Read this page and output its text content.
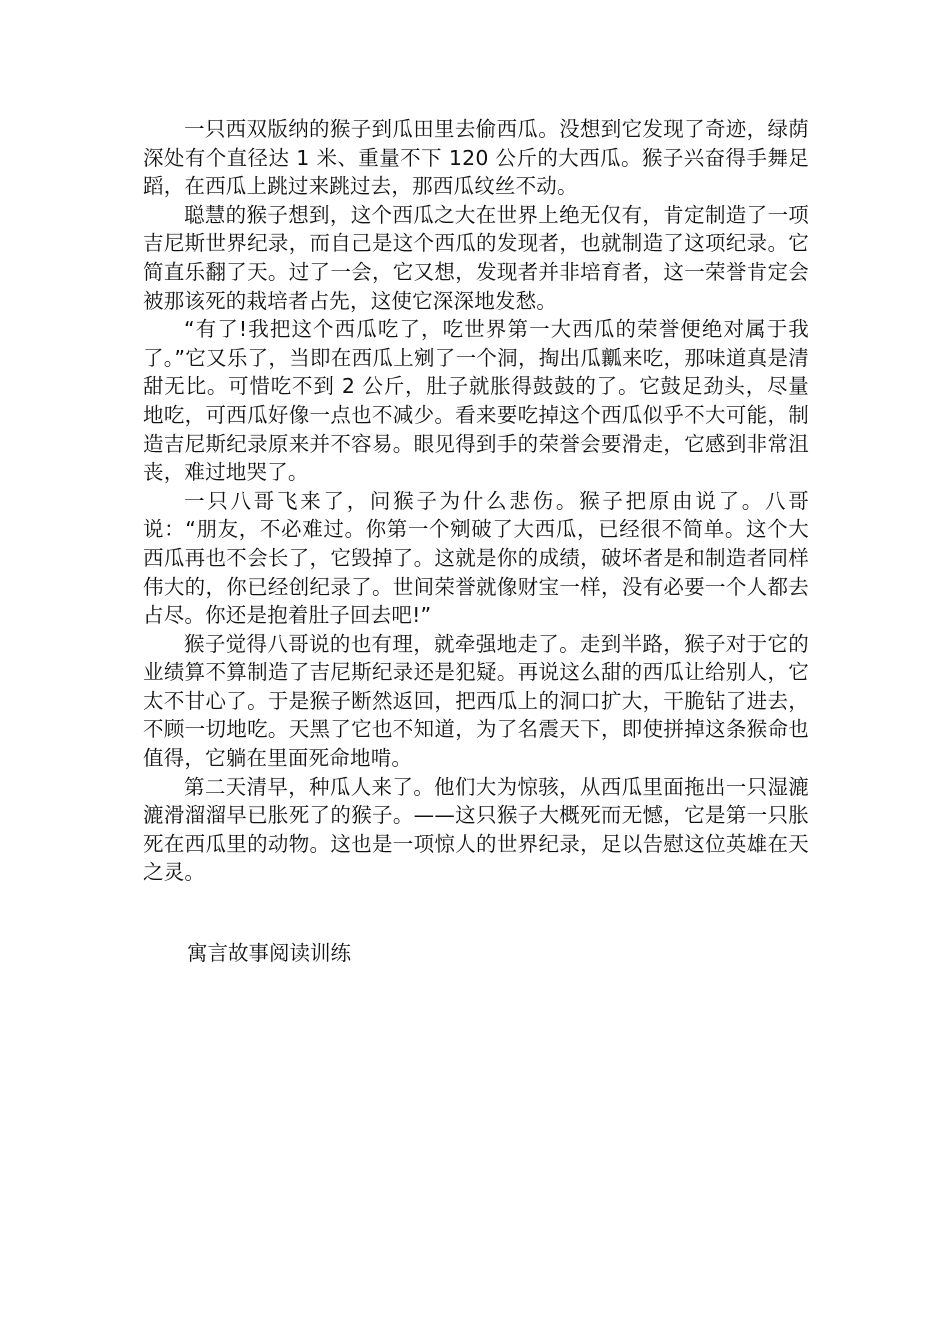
一只西双版纳的猴子到瓜田里去偷西瓜。没想到它发现了奇迹，绿荫深处有个直径达 1 米、重量不下 120 公斤的大西瓜。猴子兴奋得手舞足蹈，在西瓜上跳过来跳过去，那西瓜纹丝不动。

聪慧的猴子想到，这个西瓜之大在世界上绝无仅有，肯定制造了一项吉尼斯世界纪录，而自己是这个西瓜的发现者，也就制造了这项纪录。它简直乐翻了天。过了一会，它又想，发现者并非培育者，这一荣誉肯定会被那该死的栽培者占先，这使它深深地发愁。

“有了!我把这个西瓜吃了，吃世界第一大西瓜的荣誉便绝对属于我了。”它又乐了，当即在西瓜上剜了一个洞，掏出瓜瓤来吃，那味道真是清甜无比。可惜吃不到 2 公斤，肚子就胀得鼓鼓的了。它鼓足劲头，尽量地吃，可西瓜好像一点也不减少。看来要吃掉这个西瓜似乎不大可能，制造吉尼斯纪录原来并不容易。眼见得到手的荣誉会要滑走，它感到非常沮丧，难过地哭了。

一只八哥飞来了，问猴子为什么悲伤。猴子把原由说了。八哥说：“朋友，不必难过。你第一个剜破了大西瓜，已经很不简单。这个大西瓜再也不会长了，它毁掉了。这就是你的成绩，破坏者是和制造者同样伟大的，你已经创纪录了。世间荣誉就像财宝一样，没有必要一个人都去占尽。你还是抱着肚子回去吧!”

猴子觉得八哥说的也有理，就牵强地走了。走到半路，猴子对于它的业绩算不算制造了吉尼斯纪录还是犯疑。再说这么甜的西瓜让给别人，它太不甘心了。于是猴子断然返回，把西瓜上的洞口扩大，干脆钻了进去，不顾一切地吃。天黑了它也不知道，为了名震天下，即使拼掉这条猴命也值得，它躺在里面死命地啃。

第二天清早，种瓜人来了。他们大为惊骇，从西瓜里面拖出一只湿漉漉滑溜溜早已胀死了的猴子。——这只猴子大概死而无憾，它是第一只胀死在西瓜里的动物。这也是一项惊人的世界纪录，足以告慰这位英雄在天之灵。

寓言故事阅读训练
